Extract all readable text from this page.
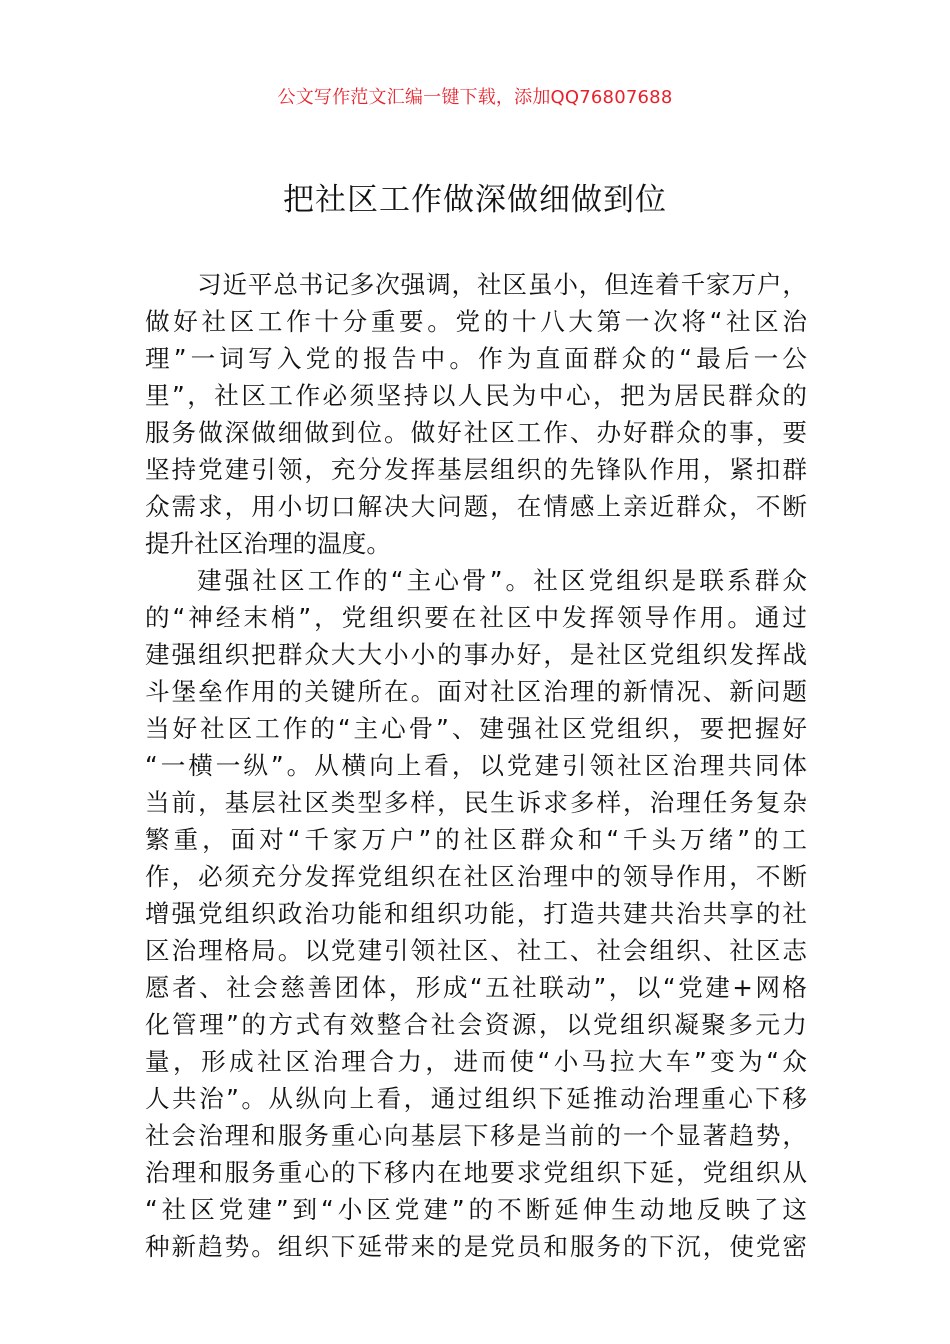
公文写作范文汇编一键下载，添加QQ76807688
把社区工作做深做细做到位
习近平总书记多次强调，社区虽小，但连着千家万户，
做好社区工作十分重要。党的十八大第一次将“社区治
理”一词写入党的报告中。作为直面群众的“最后一公
里”，社区工作必须坚持以人民为中心，把为居民群众的
服务做深做细做到位。做好社区工作、办好群众的事，要
坚持党建引领，充分发挥基层组织的先锋队作用，紧扣群
众需求，用小切口解决大问题，在情感上亲近群众，不断
提升社区治理的温度。
建强社区工作的“主心骨”。社区党组织是联系群众
的“神经末梢”，党组织要在社区中发挥领导作用。通过
建强组织把群众大大小小的事办好，是社区党组织发挥战
斗堡垒作用的关键所在。面对社区治理的新情况、新问题
当好社区工作的“主心骨”、建强社区党组织，要把握好
“一横一纵”。从横向上看，以党建引领社区治理共同体
当前，基层社区类型多样，民生诉求多样，治理任务复杂
繁重，面对“千家万户”的社区群众和“千头万绪”的工
作，必须充分发挥党组织在社区治理中的领导作用，不断
增强党组织政治功能和组织功能，打造共建共治共享的社
区治理格局。以党建引领社区、社工、社会组织、社区志
愿者、社会慈善团体，形成“五社联动”，以“党建+网格
化管理”的方式有效整合社会资源，以党组织凝聚多元力
量，形成社区治理合力，进而使“小马拉大车”变为“众
人共治”。从纵向上看，通过组织下延推动治理重心下移
社会治理和服务重心向基层下移是当前的一个显著趋势，
治理和服务重心的下移内在地要求党组织下延，党组织从
“社区党建”到“小区党建”的不断延伸生动地反映了这
种新趋势。组织下延带来的是党员和服务的下沉，使党密
